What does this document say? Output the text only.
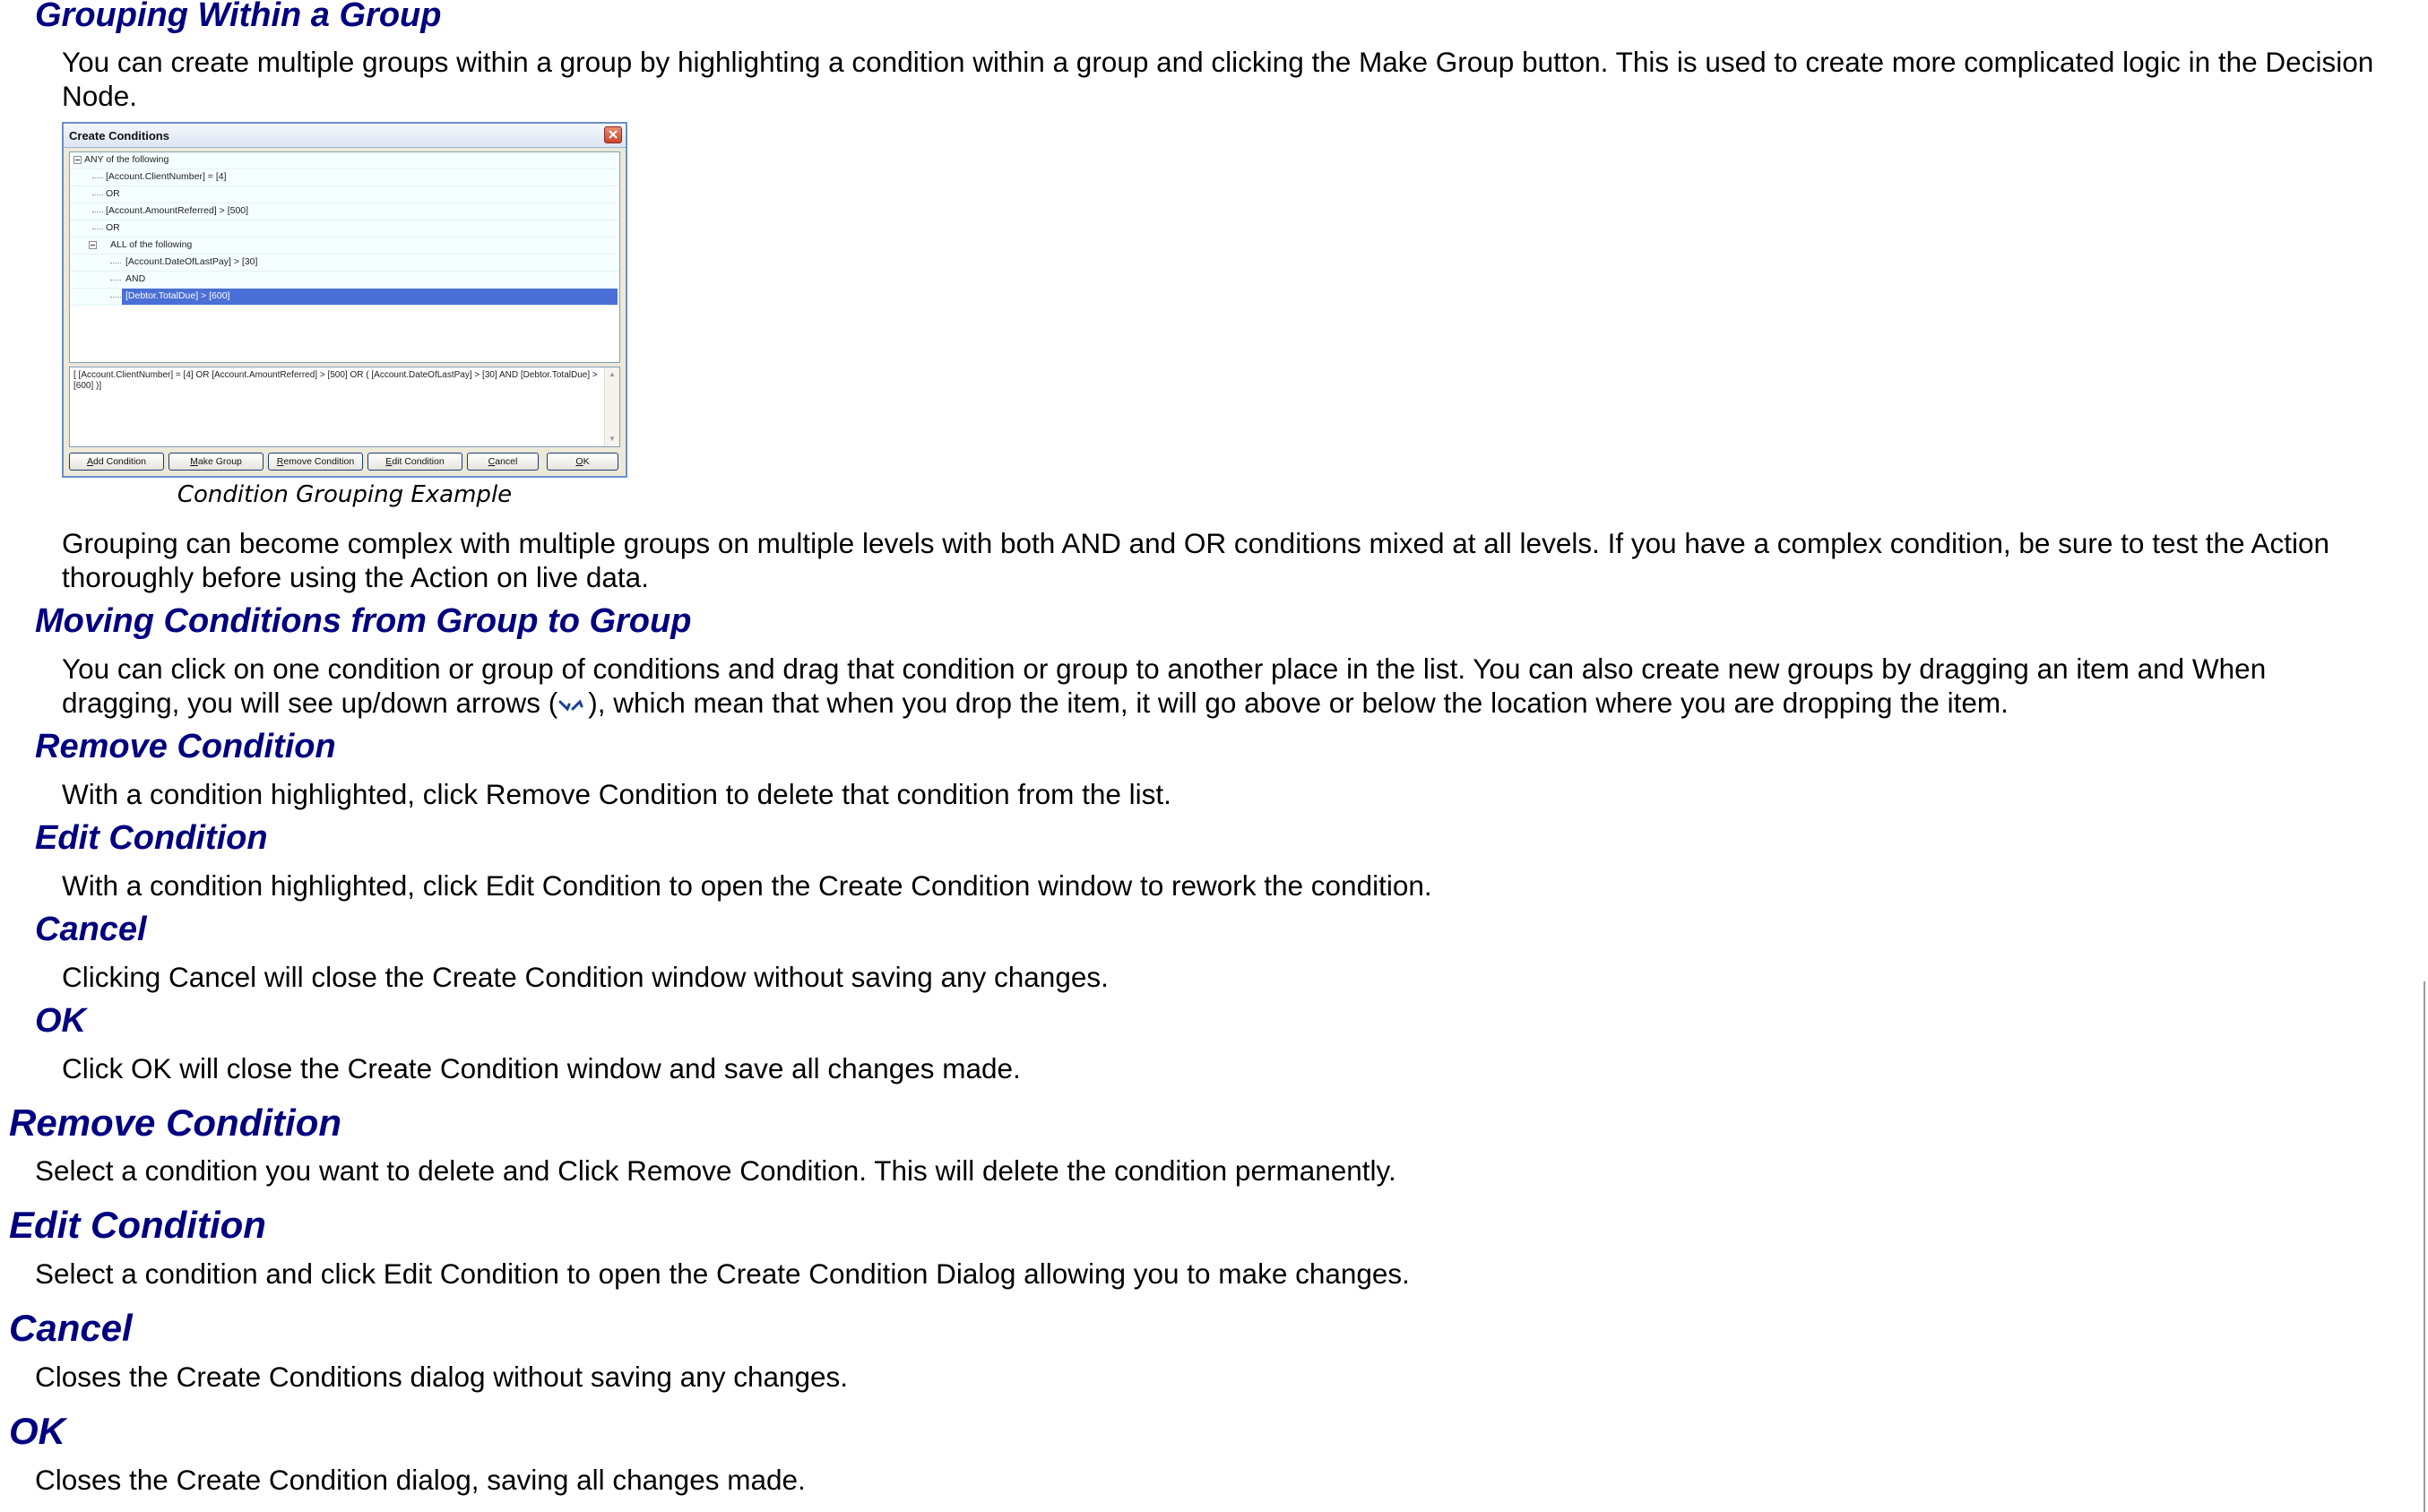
Grouping Within a Group

You can create multiple groups within a group by highlighting a condition within a group and clicking the Make Group button. This is used to create more complicated logic in the Decision Node.

Create Conditions
ANY of the following
[Account.ClientNumber] = [4]
OR
[Account.AmountReferred] > [500]
OR
ALL of the following
[Account.DateOfLastPay] > [30]
AND
[Debtor.TotalDue] > [600]
[ [Account.ClientNumber] = [4] OR [Account.AmountReferred] > [500] OR ( [Account.DateOfLastPay] > [30] AND [Debtor.TotalDue] > [600] )]
▲
▼
Add Condition	Make Group	Remove Condition	Edit Condition	Cancel	OK

Condition Grouping Example

Grouping can become complex with multiple groups on multiple levels with both AND and OR conditions mixed at all levels. If you have a complex condition, be sure to test the Action thoroughly before using the Action on live data.

Moving Conditions from Group to Group

You can click on one condition or group of conditions and drag that condition or group to another place in the list. You can also create new groups by dragging an item and When

dragging, you will see up/down arrows ( ), which mean that when you drop the item, it will go above or below the location where you are dropping the item.

Remove Condition

With a condition highlighted, click Remove Condition to delete that condition from the list.

Edit Condition

With a condition highlighted, click Edit Condition to open the Create Condition window to rework the condition.

Cancel

Clicking Cancel will close the Create Condition window without saving any changes.

OK

Click OK will close the Create Condition window and save all changes made.

Remove Condition

Select a condition you want to delete and Click Remove Condition. This will delete the condition permanently.

Edit Condition

Select a condition and click Edit Condition to open the Create Condition Dialog allowing you to make changes.

Cancel

Closes the Create Conditions dialog without saving any changes.

OK

Closes the Create Condition dialog, saving all changes made.
